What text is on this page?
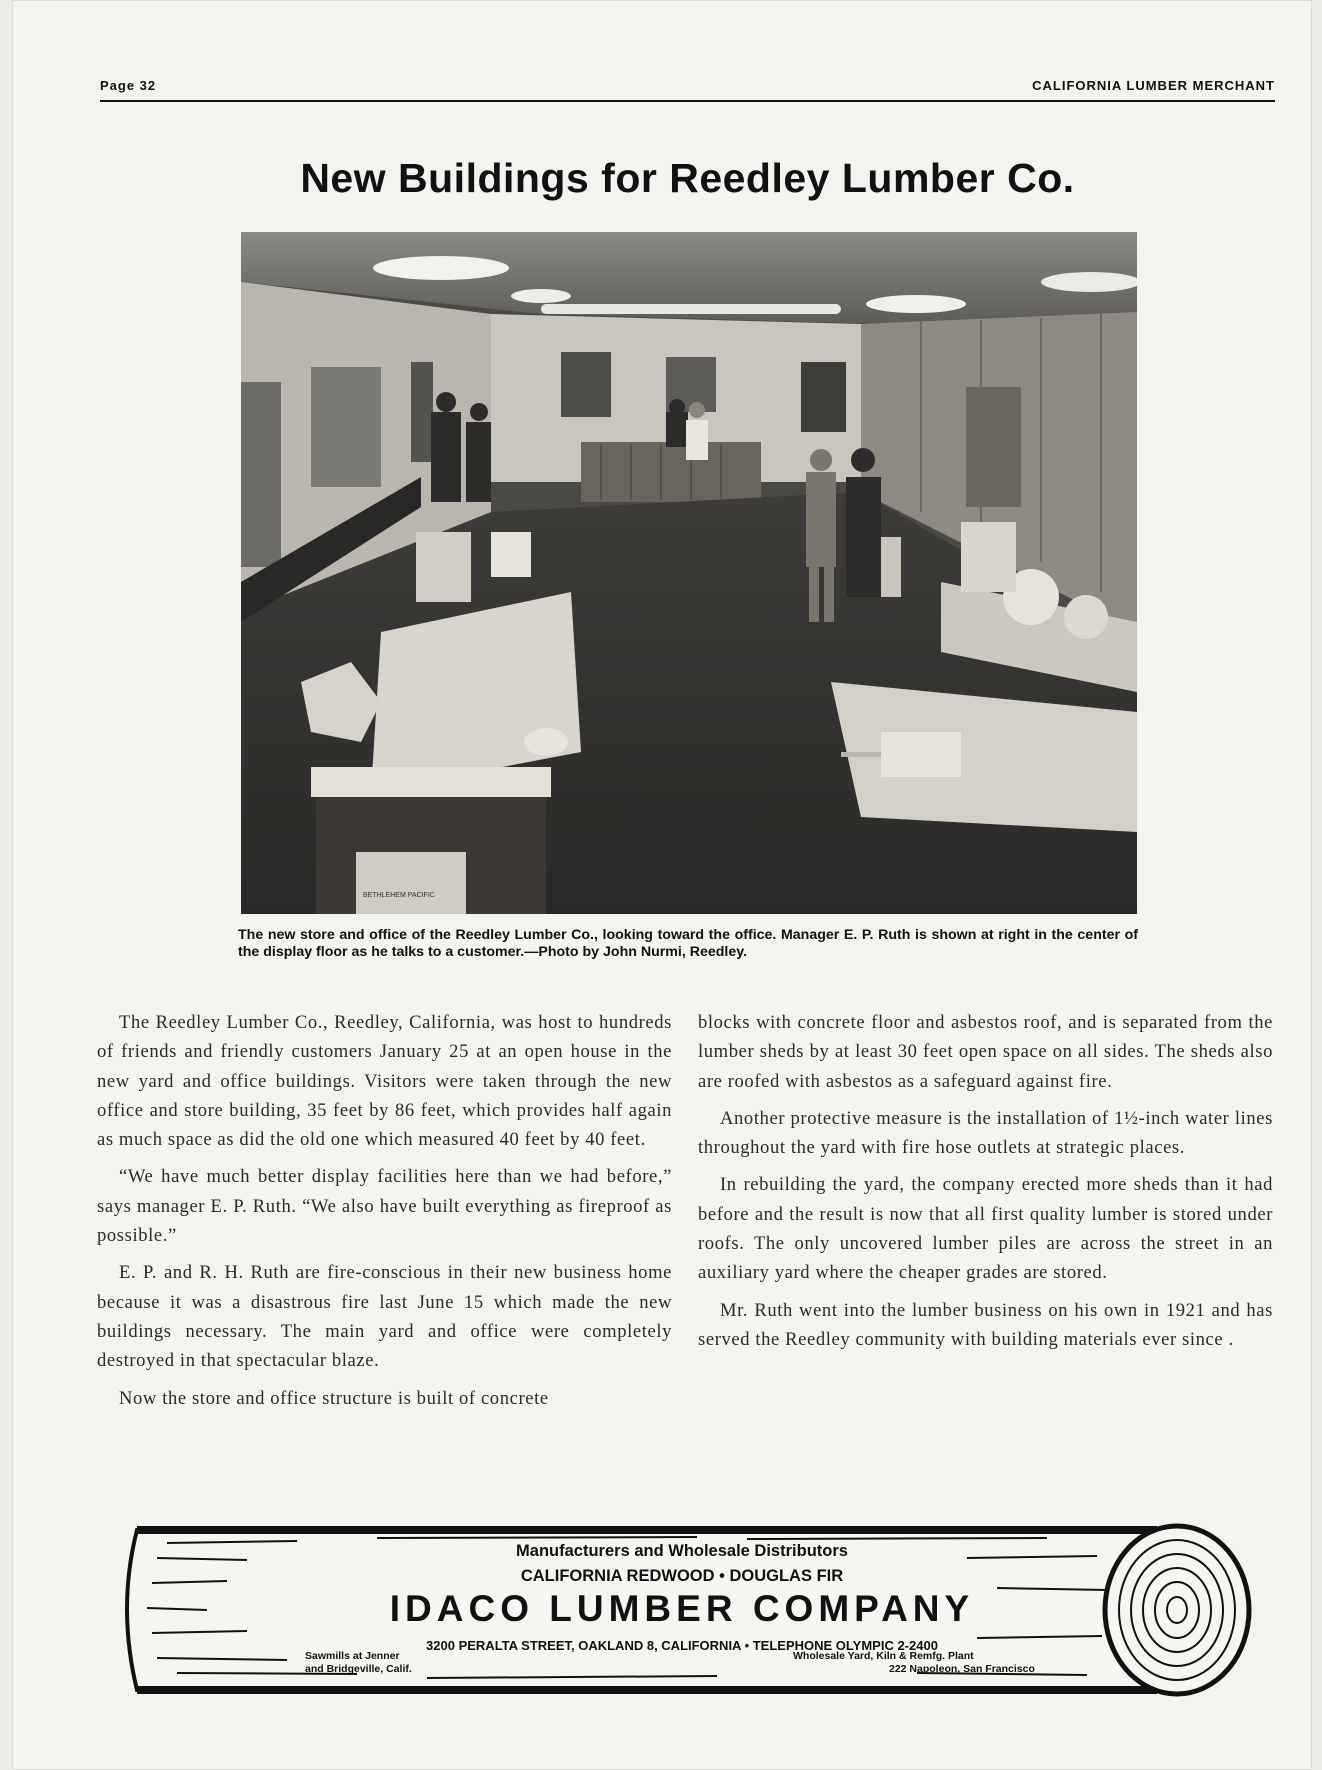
Page 32	CALIFORNIA LUMBER MERCHANT
New Buildings for Reedley Lumber Co.
BETHLEHEM PACIFIC
The new store and office of the Reedley Lumber Co., looking toward the office. Manager E. P. Ruth is shown at right in the center of the display floor as he talks to a customer.—Photo by John Nurmi, Reedley.

The Reedley Lumber Co., Reedley, California, was host to hundreds of friends and friendly customers January 25 at an open house in the new yard and office buildings. Visitors were taken through the new office and store building, 35 feet by 86 feet, which provides half again as much space as did the old one which measured 40 feet by 40 feet.

“We have much better display facilities here than we had before,” says manager E. P. Ruth. “We also have built everything as fireproof as possible.”

E. P. and R. H. Ruth are fire-conscious in their new business home because it was a disastrous fire last June 15 which made the new buildings necessary. The main yard and office were completely destroyed in that spectacular blaze.

Now the store and office structure is built of concrete

blocks with concrete floor and asbestos roof, and is separated from the lumber sheds by at least 30 feet open space on all sides. The sheds also are roofed with asbestos as a safeguard against fire.

Another protective measure is the installation of 1½-inch water lines throughout the yard with fire hose outlets at strategic places.

In rebuilding the yard, the company erected more sheds than it had before and the result is now that all first quality lumber is stored under roofs. The only uncovered lumber piles are across the street in an auxiliary yard where the cheaper grades are stored.

Mr. Ruth went into the lumber business on his own in 1921 and has served the Reedley community with building materials ever since .

Manufacturers and Wholesale Distributors
CALIFORNIA REDWOOD • DOUGLAS FIR
IDACO LUMBER COMPANY
3200 PERALTA STREET, OAKLAND 8, CALIFORNIA • TELEPHONE OLYMPIC 2-2400
Sawmills at Jenner
and Bridgeville, Calif.
Wholesale Yard, Kiln & Remfg. Plant
222 Napoleon, San Francisco
